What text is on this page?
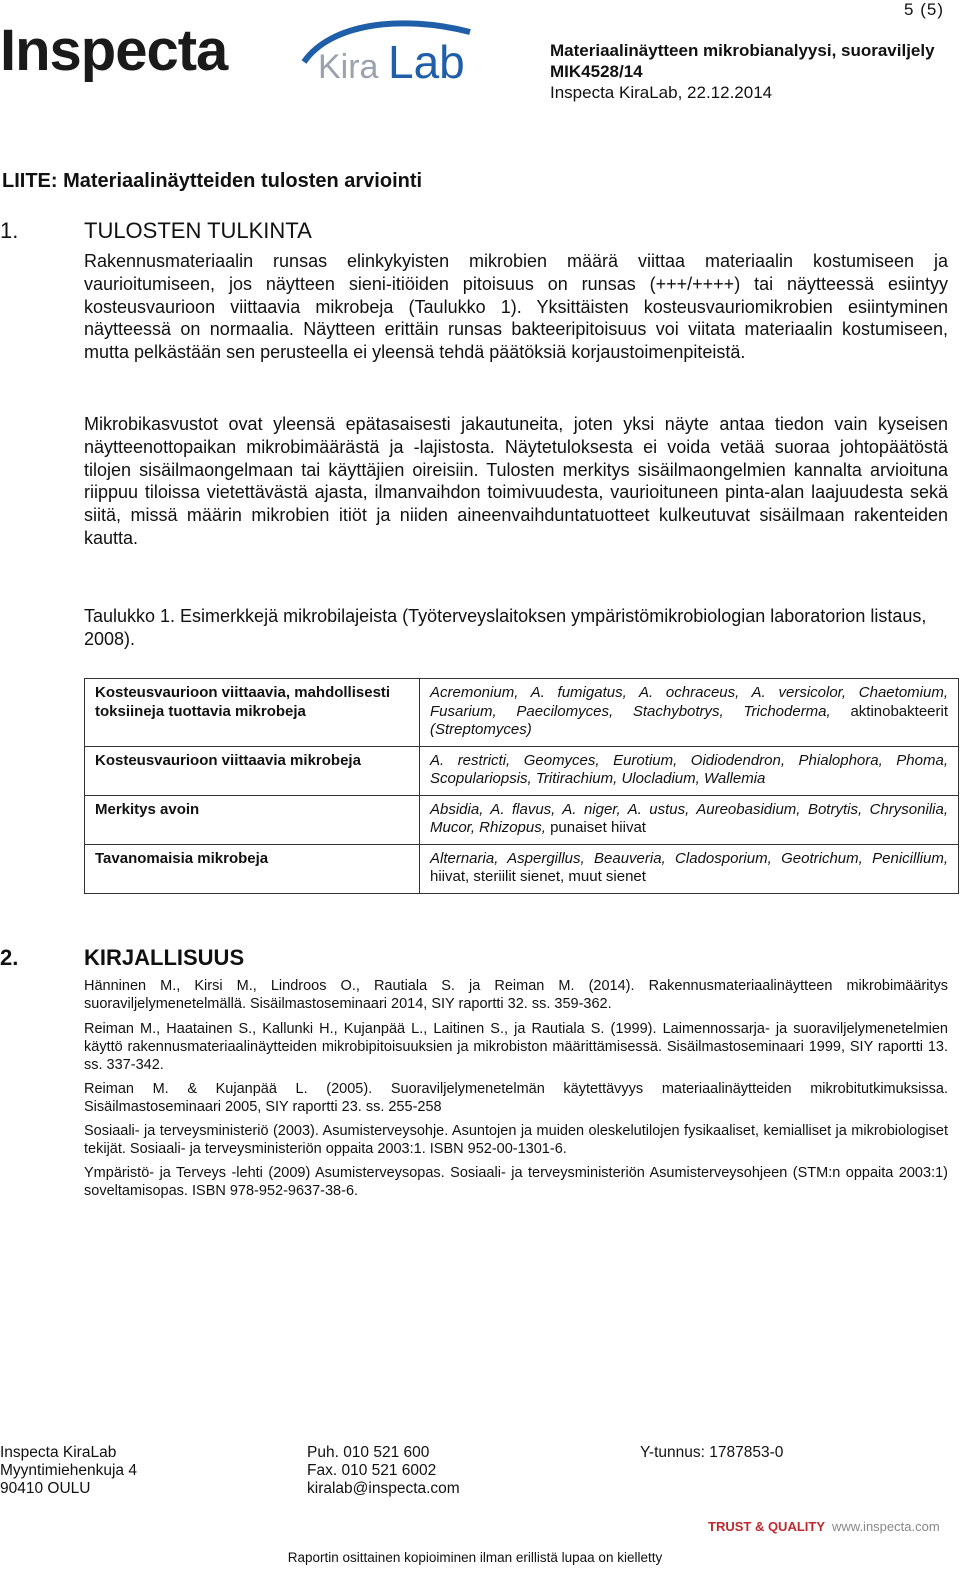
5 (5)
Inspecta	Kira Lab	Materiaalinäytteen mikrobianalyysi, suoraviljely
MIK4528/14
Inspecta KiraLab, 22.12.2014
LIITE: Materiaalinäytteiden tulosten arviointi
1.	TULOSTEN TULKINTA
Rakennusmateriaalin runsas elinkykyisten mikrobien määrä viittaa materiaalin kostumiseen ja vaurioitumiseen, jos näytteen sieni-itiöiden pitoisuus on runsas (+++/++++) tai näytteessä esiintyy kosteusvaurioon viittaavia mikrobeja (Taulukko 1). Yksittäisten kosteusvauriomikrobien esiintyminen näytteessä on normaalia. Näytteen erittäin runsas bakteeripitoisuus voi viitata materiaalin kostumiseen, mutta pelkästään sen perusteella ei yleensä tehdä päätöksiä korjaustoimenpiteistä.
Mikrobikasvustot ovat yleensä epätasaisesti jakautuneita, joten yksi näyte antaa tiedon vain kyseisen näytteenottopaikan mikrobimäärästä ja -lajistosta. Näytetuloksesta ei voida vetää suoraa johtopäätöstä tilojen sisäilmaongelmaan tai käyttäjien oireisiin. Tulosten merkitys sisäilmaongelmien kannalta arvioituna riippuu tiloissa vietettävästä ajasta, ilmanvaihdon toimivuudesta, vaurioituneen pinta-alan laajuudesta sekä siitä, missä määrin mikrobien itiöt ja niiden aineenvaihduntatuotteet kulkeutuvat sisäilmaan rakenteiden kautta.
Taulukko 1. Esimerkkejä mikrobilajeista (Työterveyslaitoksen ympäristömikrobiologian laboratorion listaus, 2008).
Kosteusvaurioon viittaavia, mahdollisesti toksiineja tuottavia mikrobeja	Acremonium, A. fumigatus, A. ochraceus, A. versicolor, Chaetomium, Fusarium, Paecilomyces, Stachybotrys, Trichoderma, aktinobakteerit (Streptomyces)
Kosteusvaurioon viittaavia mikrobeja	A. restricti, Geomyces, Eurotium, Oidiodendron, Phialophora, Phoma, Scopulariopsis, Tritirachium, Ulocladium, Wallemia
Merkitys avoin	Absidia, A. flavus, A. niger, A. ustus, Aureobasidium, Botrytis, Chrysonilia, Mucor, Rhizopus, punaiset hiivat
Tavanomaisia mikrobeja	Alternaria, Aspergillus, Beauveria, Cladosporium, Geotrichum, Penicillium, hiivat, steriilit sienet, muut sienet
2.	KIRJALLISUUS
Hänninen M., Kirsi M., Lindroos O., Rautiala S. ja Reiman M. (2014). Rakennusmateriaalinäytteen mikrobimääritys suoraviljelymenetelmällä. Sisäilmastoseminaari 2014, SIY raportti 32. ss. 359-362.
Reiman M., Haatainen S., Kallunki H., Kujanpää L., Laitinen S., ja Rautiala S. (1999). Laimennossarja- ja suoraviljelymenetelmien käyttö rakennusmateriaalinäytteiden mikrobipitoisuuksien ja mikrobiston määrittämisessä. Sisäilmastoseminaari 1999, SIY raportti 13. ss. 337-342.
Reiman M. & Kujanpää L. (2005). Suoraviljelymenetelmän käytettävyys materiaalinäytteiden mikrobitutkimuksissa. Sisäilmastoseminaari 2005, SIY raportti 23. ss. 255-258
Sosiaali- ja terveysministeriö (2003). Asumisterveysohje. Asuntojen ja muiden oleskelutilojen fysikaaliset, kemialliset ja mikrobiologiset tekijät. Sosiaali- ja terveysministeriön oppaita 2003:1. ISBN 952-00-1301-6.
Ympäristö- ja Terveys -lehti (2009) Asumisterveysopas. Sosiaali- ja terveysministeriön Asumisterveysohjeen (STM:n oppaita 2003:1) soveltamisopas. ISBN 978-952-9637-38-6.
Inspecta KiraLab
Myyntimiehenkuja 4
90410 OULU
Puh. 010 521 600
Fax. 010 521 6002
kiralab@inspecta.com
Y-tunnus: 1787853-0
TRUST & QUALITY www.inspecta.com
Raportin osittainen kopioiminen ilman erillistä lupaa on kielletty
